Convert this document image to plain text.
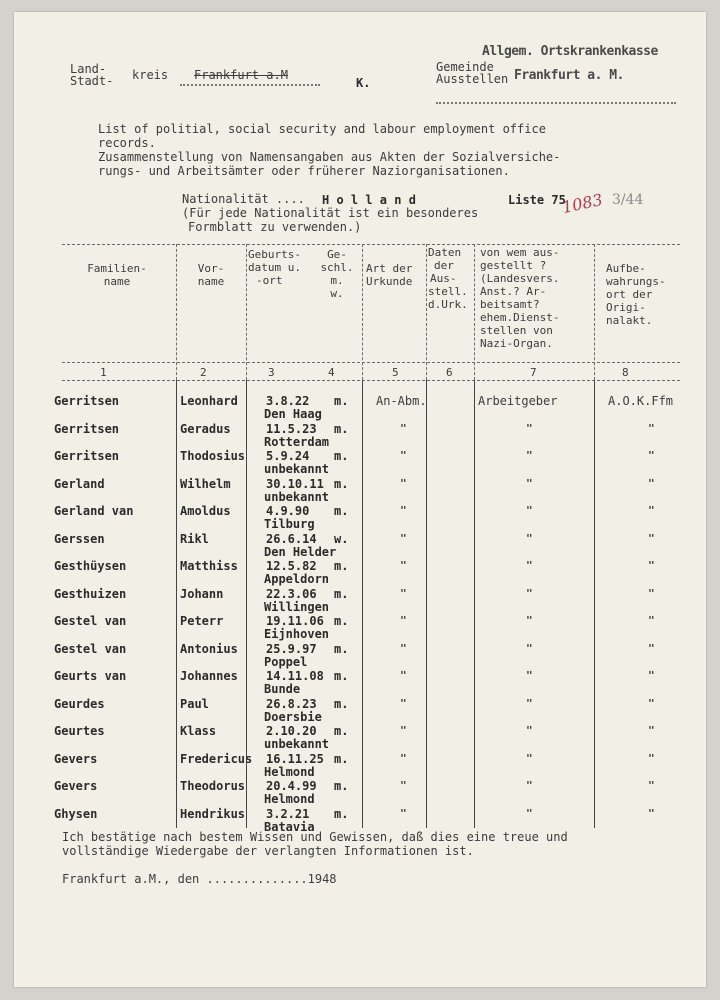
Land-
Stadt- kreis Frankfurt a.M
K.
Gemeinde
Ausstellen
Allgem. Ortskrankenkasse
Frankfurt a. M.
List of politial, social security and labour employment office
records.
Zusammenstellung von Namensangaben aus Akten der Sozialversiche-
rungs- und Arbeitsämter oder früherer Naziorganisationen.
Nationalität .... H o l l a n d	Liste 75
1083 3/44
(Für jede Nationalität ist ein besonderes
Formblatt zu verwenden.)
Familien-
name
Vor-
name
Geburts-
datum u.
-ort
Ge-
schl.
m.
w.
Art der
Urkunde
Daten
der
Aus-
stell.
d.Urk.
von wem aus-
gestellt ?
(Landesvers.
Anst.? Ar-
beitsamt?
ehem.Dienst-
stellen von
Nazi-Organ.
Aufbe-
wahrungs-
ort der
Origi-
nalakt.
1	2	3	4	5	6	7	8
Gerritsen	Leonhard 3.8.22 m. An-Abm.	Arbeitgeber	A.O.K.Ffm
Den Haag
Gerritsen	Geradus	11.5.23 m.	"	"	"
Rotterdam
Gerritsen	Thodosius 5.9.24 m.	"	"	"
unbekannt
Gerland	Wilhelm	30.10.11 m.	"	"	"
unbekannt
Gerland van	Amoldus	4.9.90 m.	"	"	"
Tilburg
Gerssen	Rikl	26.6.14 w.	"	"	"
Den Helder
Gesthüysen	Matthiss 12.5.82 m.	"	"	"
Appeldorn
Gesthuizen	Johann	22.3.06 m.	"	"	"
Willingen
Gestel van	Peterr	19.11.06 m.	"	"	"
Eijnhoven
Gestel van	Antonius 25.9.97 m.	"	"	"
Poppel
Geurts van	Johannes 14.11.08 m.	"	"	"
Bunde
Geurdes	Paul	26.8.23 m.	"	"	"
Doersbie
Geurtes	Klass	2.10.20 m.	"	"	"
unbekannt
Gevers	Fredericus 16.11.25 m.	"	"	"
Helmond
Gevers	Theodorus 20.4.99 m.	"	"	"
Helmond
Ghysen	Hendrikus 3.2.21 m.	"	"	"
Batavia
Ich bestätige nach bestem Wissen und Gewissen, daß dies eine treue und
vollständige Wiedergabe der verlangten Informationen ist.
Frankfurt a.M., den ..............1948
